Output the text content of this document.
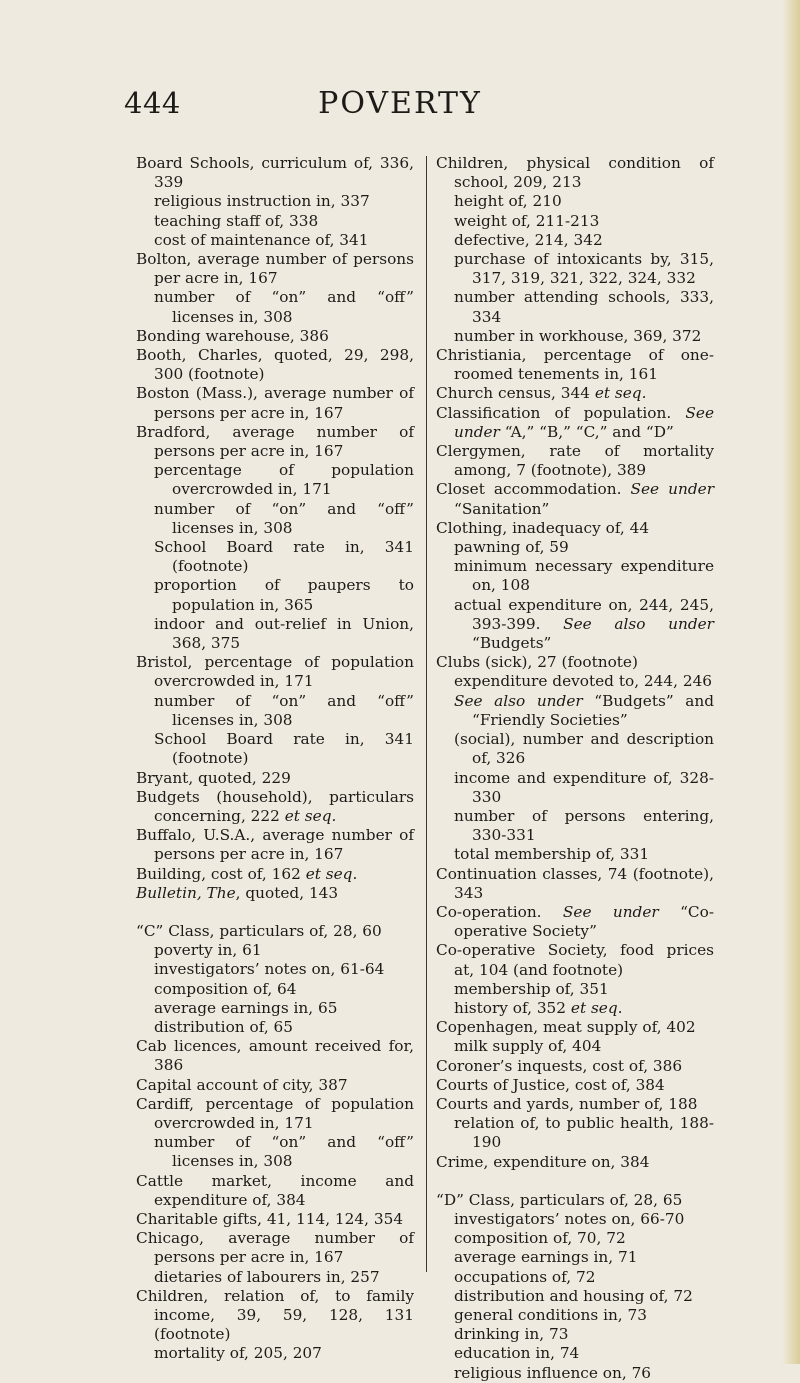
444	POVERTY

Board Schools, curriculum of, 336, 339

religious instruction in, 337

teaching staff of, 338

cost of maintenance of, 341

Bolton, average number of persons per acre in, 167

number of “on” and “off” licenses in, 308

Bonding warehouse, 386

Booth, Charles, quoted, 29, 298, 300 (footnote)

Boston (Mass.), average number of persons per acre in, 167

Bradford, average number of persons per acre in, 167

percentage of population overcrowded in, 171

number of “on” and “off” licenses in, 308

School Board rate in, 341 (footnote)

proportion of paupers to population in, 365

indoor and out-relief in Union, 368, 375

Bristol, percentage of population overcrowded in, 171

number of “on” and “off” licenses in, 308

School Board rate in, 341 (footnote)

Bryant, quoted, 229

Budgets (household), particulars concerning, 222 et seq.

Buffalo, U.S.A., average number of persons per acre in, 167

Building, cost of, 162 et seq.

Bulletin, The, quoted, 143

“C” Class, particulars of, 28, 60

poverty in, 61

investigators’ notes on, 61-64

composition of, 64

average earnings in, 65

distribution of, 65

Cab licences, amount received for, 386

Capital account of city, 387

Cardiff, percentage of population overcrowded in, 171

number of “on” and “off” licenses in, 308

Cattle market, income and expenditure of, 384

Charitable gifts, 41, 114, 124, 354

Chicago, average number of persons per acre in, 167

dietaries of labourers in, 257

Children, relation of, to family income, 39, 59, 128, 131 (footnote)

mortality of, 205, 207

Children, physical condition of school, 209, 213

height of, 210

weight of, 211-213

defective, 214, 342

purchase of intoxicants by, 315, 317, 319, 321, 322, 324, 332

number attending schools, 333, 334

number in workhouse, 369, 372

Christiania, percentage of one-roomed tenements in, 161

Church census, 344 et seq.

Classification of population. See under “A,” “B,” “C,” and “D”

Clergymen, rate of mortality among, 7 (footnote), 389

Closet accommodation. See under “Sanitation”

Clothing, inadequacy of, 44

pawning of, 59

minimum necessary expenditure on, 108

actual expenditure on, 244, 245, 393-399. See also under “Budgets”

Clubs (sick), 27 (footnote)

expenditure devoted to, 244, 246

See also under “Budgets” and “Friendly Societies”

(social), number and description of, 326

income and expenditure of, 328-330

number of persons entering, 330-331

total membership of, 331

Continuation classes, 74 (footnote), 343

Co-operation. See under “Co-operative Society”

Co-operative Society, food prices at, 104 (and footnote)

membership of, 351

history of, 352 et seq.

Copenhagen, meat supply of, 402

milk supply of, 404

Coroner’s inquests, cost of, 386

Courts of Justice, cost of, 384

Courts and yards, number of, 188

relation of, to public health, 188-190

Crime, expenditure on, 384

“D” Class, particulars of, 28, 65

investigators’ notes on, 66-70

composition of, 70, 72

average earnings in, 71

occupations of, 72

distribution and housing of, 72

general conditions in, 73

drinking in, 73

education in, 74

religious influence on, 76
